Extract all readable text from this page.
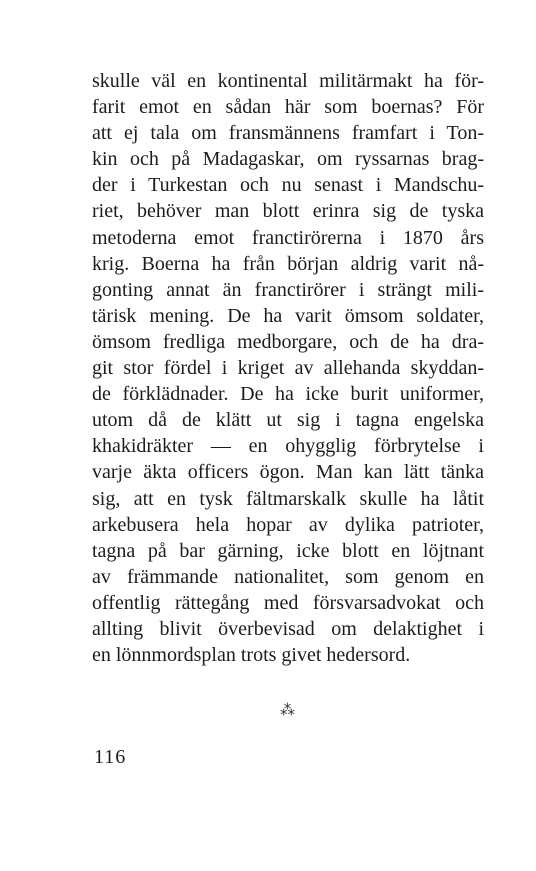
skulle väl en kontinental militärmakt ha för-
farit emot en sådan här som boernas? För
att ej tala om fransmännens framfart i Ton-
kin och på Madagaskar, om ryssarnas brag-
der i Turkestan och nu senast i Mandschu-
riet, behöver man blott erinra sig de tyska
metoderna emot franctirörerna i 1870 års
krig. Boerna ha från början aldrig varit nå-
gonting annat än franctirörer i strängt mili-
tärisk mening. De ha varit ömsom soldater,
ömsom fredliga medborgare, och de ha dra-
git stor fördel i kriget av allehanda skyddan-
de förklädnader. De ha icke burit uniformer,
utom då de klätt ut sig i tagna engelska
khakidräkter — en ohygglig förbrytelse i
varje äkta officers ögon. Man kan lätt tänka
sig, att en tysk fältmarskalk skulle ha låtit
arkebusera hela hopar av dylika patrioter,
tagna på bar gärning, icke blott en löjtnant
av främmande nationalitet, som genom en
offentlig rättegång med försvarsadvokat och
allting blivit överbevisad om delaktighet i
en lönnmordsplan trots givet hedersord.
⁂
116
